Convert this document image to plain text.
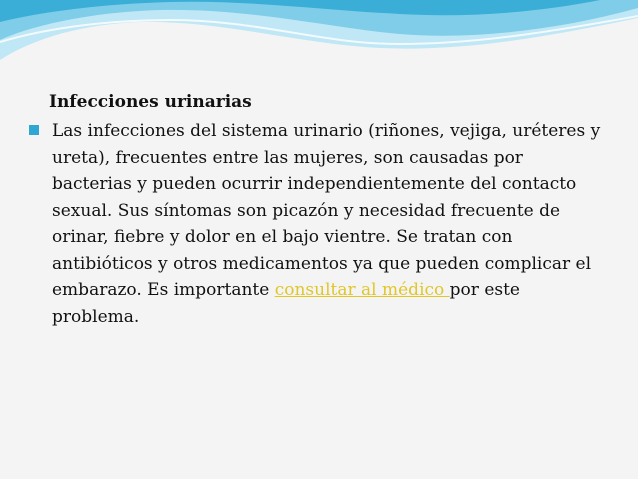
Infecciones urinarias

Las infecciones del sistema urinario (riñones, vejiga, uréteres y ureta), frecuentes entre las mujeres, son causadas por bacterias y pueden ocurrir independientemente del contacto sexual. Sus síntomas son picazón y necesidad frecuente de orinar, fiebre y dolor en el bajo vientre. Se tratan con antibióticos y otros medicamentos ya que pueden complicar el embarazo. Es importante consultar al médico por este problema.
